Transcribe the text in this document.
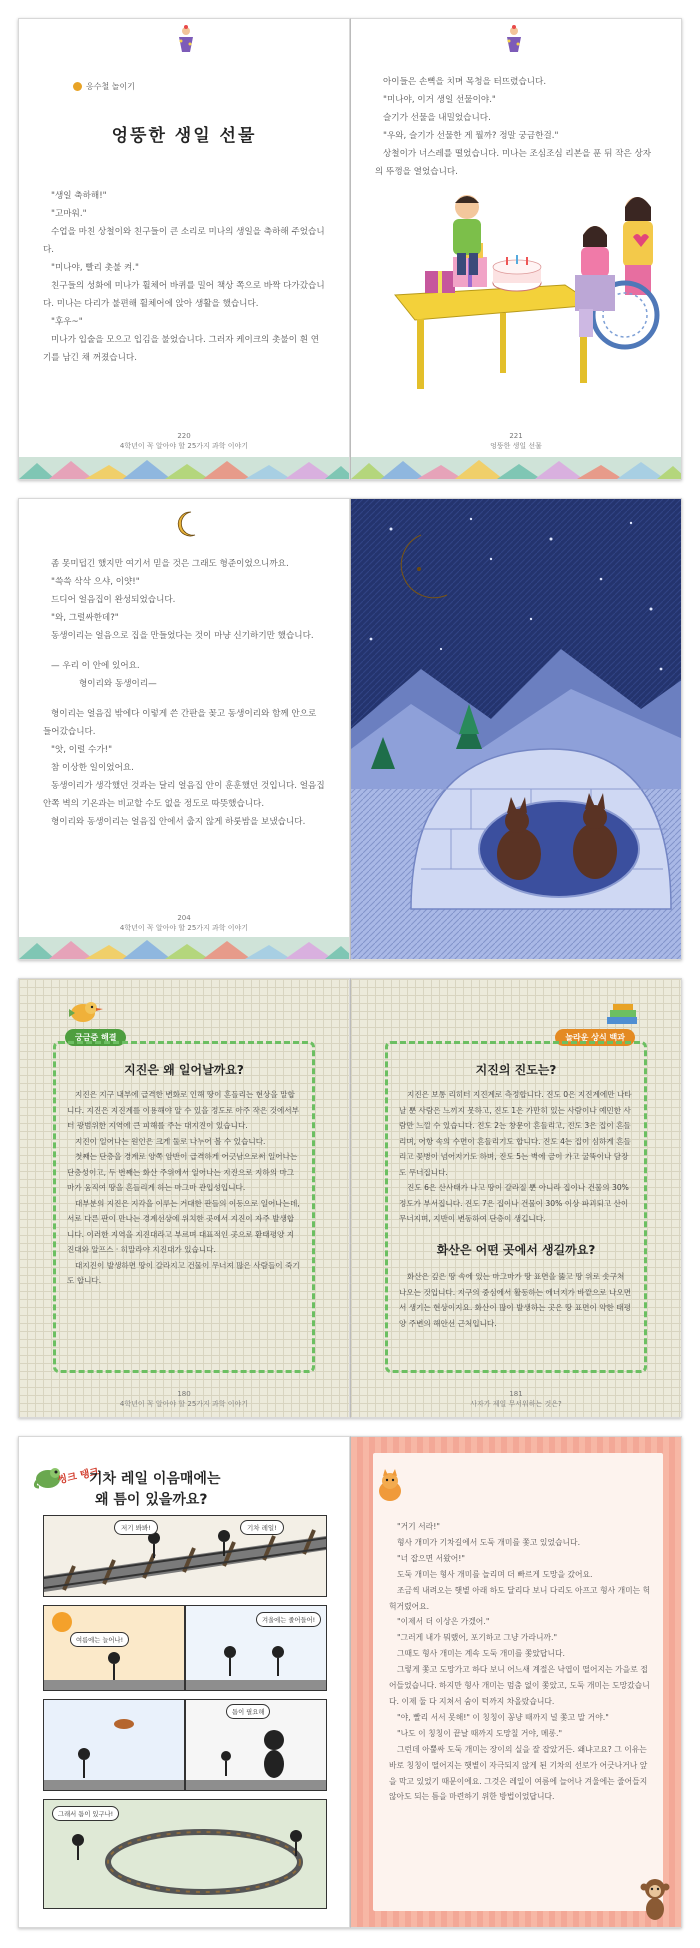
응수철 놀이기
엉뚱한 생일 선물

"생일 축하해!"

"고마워."

수업을 마친 상철이와 친구들이 큰 소리로 미나의 생일을 축하해 주었습니다.

"미나야, 빨리 촛불 켜."

친구들의 성화에 미나가 휠체어 바퀴를 밀어 책상 쪽으로 바짝 다가갔습니다. 미나는 다리가 불편해 휠체어에 앉아 생활을 했습니다.

"후우~"

미나가 입술을 모으고 입김을 불었습니다. 그러자 케이크의 촛불이 흰 연기를 남긴 채 꺼졌습니다.

220
4학년이 꼭 알아야 할 25가지 과학 이야기

아이들은 손뼉을 치며 목청을 터뜨렸습니다.

"미나야, 이거 생일 선물이야."

슬기가 선물을 내밀었습니다.

"우와, 슬기가 선물한 게 뭘까? 정말 궁금한걸."

상철이가 너스레를 떨었습니다. 미나는 조심조심 리본을 푼 뒤 작은 상자의 뚜껑을 열었습니다.

221
엉뚱한 생일 선물

좀 못미덥긴 했지만 여기서 믿을 것은 그래도 형준이었으니까요.

"쓱쓱 삭삭 으샤, 이얏!"

드디어 얼음집이 완성되었습니다.

"와, 그럴싸한데?"

동생이리는 얼음으로 집을 만들었다는 것이 마냥 신기하기만 했습니다.

— 우리 이 안에 있어요.

형이리와 동생이리—

형이리는 얼음집 밖에다 이렇게 쓴 간판을 꽂고 동생이리와 함께 안으로 들어갔습니다.

"앗, 이럴 수가!"

참 이상한 일이었어요.

동생이리가 생각했던 것과는 달리 얼음집 안이 훈훈했던 것입니다. 얼음집 안쪽 벽의 기온과는 비교할 수도 없을 정도로 따뜻했습니다.

형이리와 동생이리는 얼음집 안에서 춥지 않게 하룻밤을 보냈습니다.

204
4학년이 꼭 알아야 할 25가지 과학 이야기
궁금증 해결
지진은 왜 일어날까요?

지진은 지구 내부에 급격한 변화로 인해 땅이 흔들리는 현상을 말합니다. 지진은 지진계를 이용해야 알 수 있을 정도로 아주 작은 것에서부터 광범위한 지역에 큰 피해를 주는 대지진이 있습니다.

지진이 일어나는 원인은 크게 둘로 나누어 볼 수 있습니다.

첫째는 단층을 경계로 양쪽 암반이 급격하게 어긋남으로써 일어나는 단층성이고, 두 번째는 화산 주위에서 일어나는 지진으로 지하의 마그마가 움직여 땅을 흔들리게 하는 마그마 관입성입니다.

대부분의 지진은 지각을 이루는 거대한 판들의 이동으로 일어나는데, 서로 다른 판이 만나는 경계선상에 위치한 곳에서 지진이 자주 발생합니다. 이러한 지역을 지진대라고 부르며 대표적인 곳으로 환태평양 지진대와 알프스 · 히말라야 지진대가 있습니다.

대지진이 발생하면 땅이 갈라지고 건물이 무너져 많은 사람들이 죽기도 합니다.

180
4학년이 꼭 알아야 할 25가지 과학 이야기
놀라운 상식 백과
지진의 진도는?

지진은 보통 리히터 지진계로 측정합니다. 진도 0은 지진계에만 나타날 뿐 사람은 느끼지 못하고, 진도 1은 가만히 있는 사람이나 예민한 사람만 느낄 수 있습니다. 진도 2는 창문이 흔들리고, 진도 3은 집이 흔들리며, 어항 속의 수면이 흔들리기도 합니다. 진도 4는 집이 심하게 흔들리고 꽃병이 넘어지기도 하며, 진도 5는 벽에 금이 가고 굴뚝이나 담장도 무너집니다.

진도 6은 산사태가 나고 땅이 갈라질 뿐 아니라 집이나 건물의 30% 정도가 부서집니다. 진도 7은 집이나 건물이 30% 이상 파괴되고 산이 무너지며, 지반이 변동하여 단층이 생깁니다.

화산은 어떤 곳에서 생길까요?

화산은 깊은 땅 속에 있는 마그마가 땅 표면을 뚫고 땅 위로 솟구쳐 나오는 것입니다. 지구의 중심에서 활동하는 에너지가 바깥으로 나오면서 생기는 현상이지요. 화산이 많이 발생하는 곳은 땅 표면이 약한 태평양 주변의 해안선 근처입니다.

181
사자가 제일 무서워하는 것은?
씽크 탱크
기차 레일 이음매에는
왜 틈이 있을까요?
저기 봐봐!	기차 레일!
여름에는 늘어나!
겨울에는 줄어들어!
틈이 필요해
그래서 틈이 있구나!

"거기 서라!"

형사 개미가 기차길에서 도둑 개미를 쫓고 있었습니다.

"너 잡으면 서왔어!"

도둑 개미는 형사 개미를 놀리며 더 빠르게 도망을 갔어요.

조금씩 내려오는 햇볕 아래 하도 달리다 보니 다리도 아프고 형사 개미는 헉헉거렸어요.

"이제서 더 이상은 가겠어."

"그러게 내가 뭐랬어, 포기하고 그냥 가라니까."

그때도 형사 개미는 계속 도둑 개미를 쫓았답니다.

그렇게 쫓고 도망가고 하다 보니 어느새 계절은 낙엽이 떨어지는 가을로 접어들었습니다. 하지만 형사 개미는 멈춤 없이 쫓았고, 도둑 개미는 도망갔습니다. 이제 둘 다 지쳐서 숨이 턱까지 차올랐습니다.

"야, 빨리 서서 못해!" 이 칭칭이 꽁냥 때까지 널 쫓고 말 거야."

"나도 이 칭칭이 끝날 때까지 도망칠 거야, 메롱."

그런데 아뿔싸 도둑 개미는 장이의 실을 잘 잡았거든. 왜냐고요? 그 이유는 바로 칭칭이 떨어지는 햇볕이 자극되지 않게 된 기차의 선로가 어긋나거나 앞을 막고 있었기 때문이에요. 그것은 레일이 여름에 늘어나 겨울에는 줄어들지 않아도 되는 틈을 마련하기 위한 방법이었답니다.
